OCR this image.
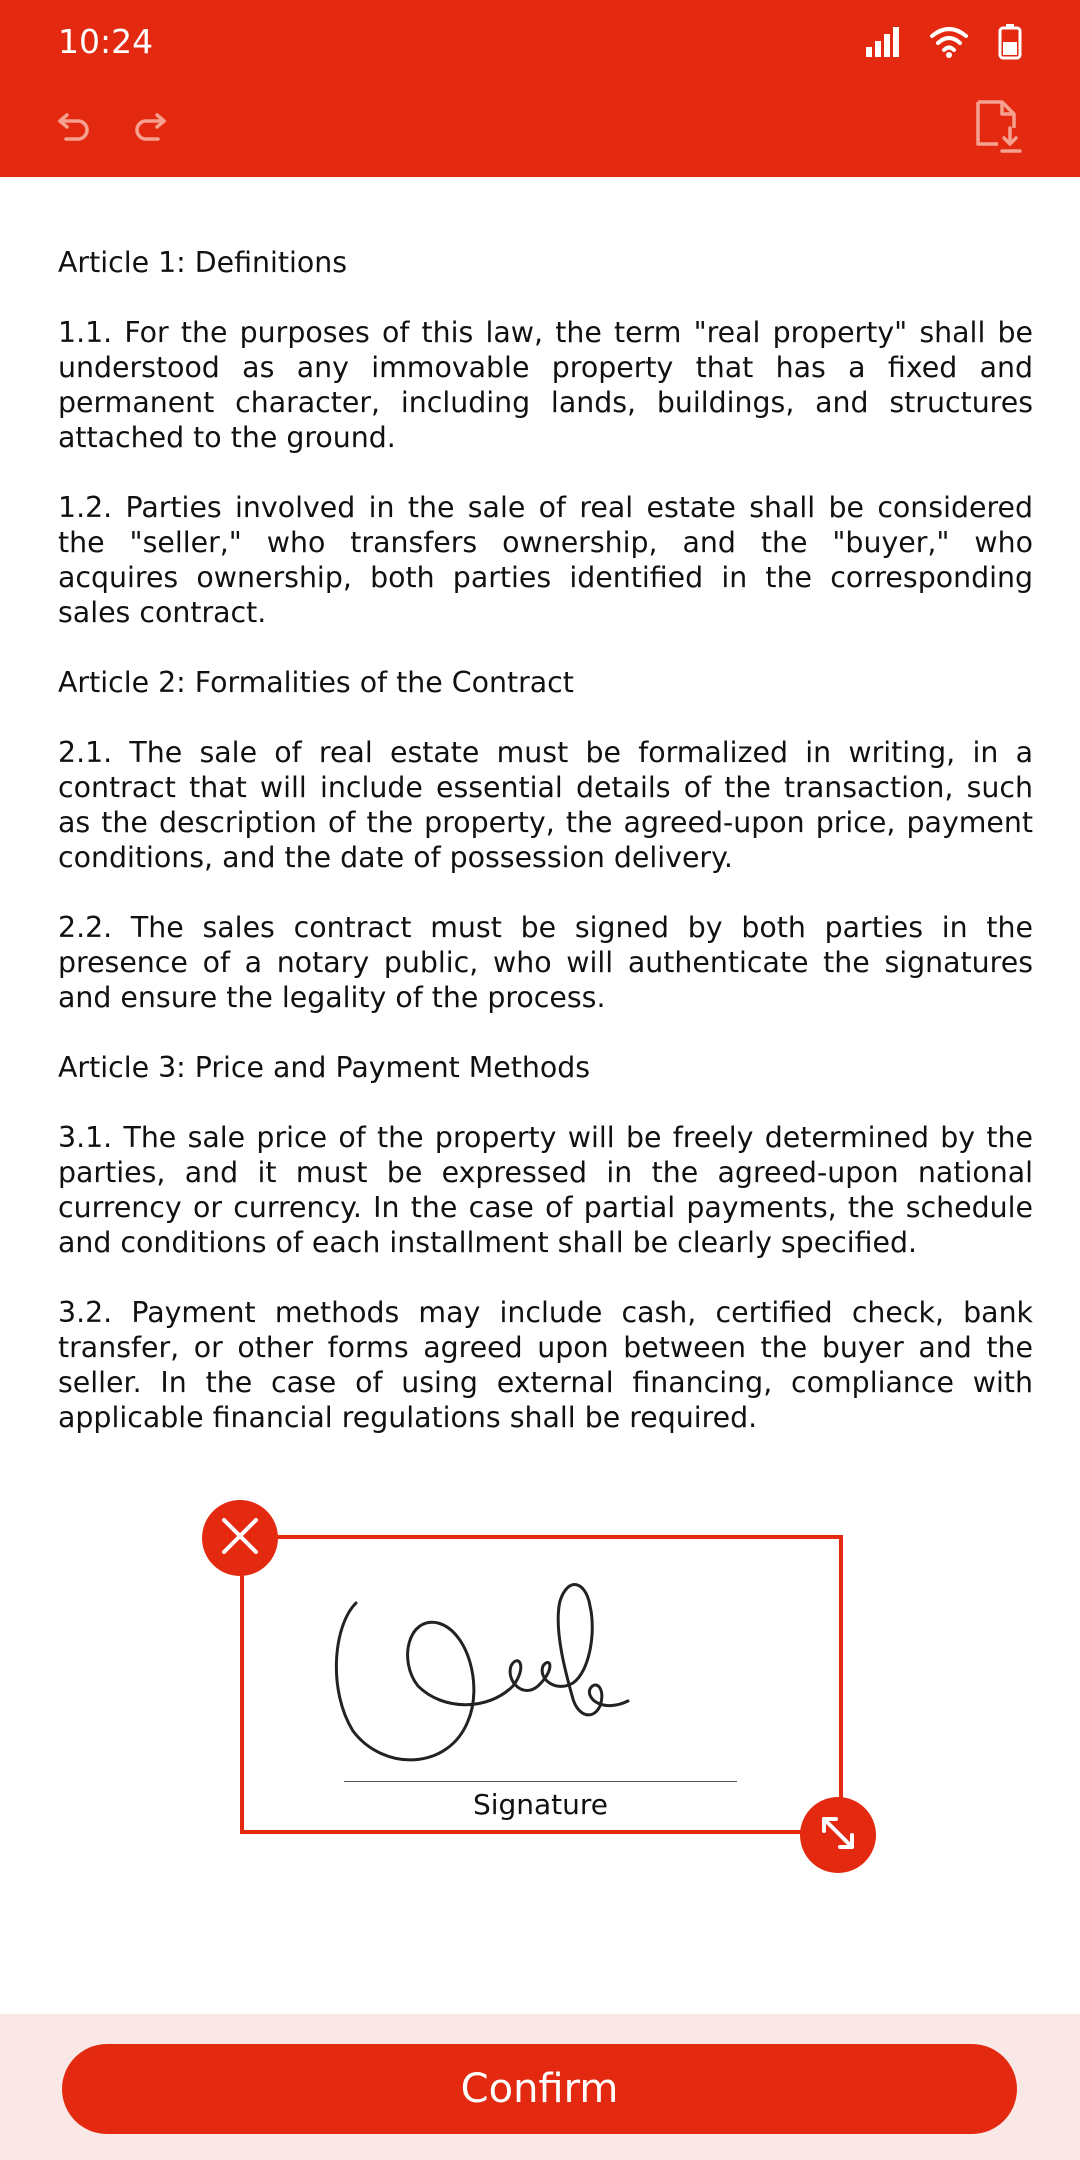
10:24

Article 1: Definitions

1.1. For the purposes of this law, the term "real property" shall be understood as any immovable property that has a fixed and permanent character, including lands, buildings, and structures attached to the ground.

1.2. Parties involved in the sale of real estate shall be considered the "seller," who transfers ownership, and the "buyer," who acquires ownership, both parties identified in the corresponding sales contract.

Article 2: Formalities of the Contract

2.1. The sale of real estate must be formalized in writing, in a contract that will include essential details of the transaction, such as the description of the property, the agreed-upon price, payment conditions, and the date of possession delivery.

2.2. The sales contract must be signed by both parties in the presence of a notary public, who will authenticate the signatures and ensure the legality of the process.

Article 3: Price and Payment Methods

3.1. The sale price of the property will be freely determined by the parties, and it must be expressed in the agreed-upon national currency or currency. In the case of partial payments, the schedule and conditions of each installment shall be clearly specified.

3.2. Payment methods may include cash, certified check, bank transfer, or other forms agreed upon between the buyer and the seller. In the case of using external financing, compliance with applicable financial regulations shall be required.

Signature
Confirm
